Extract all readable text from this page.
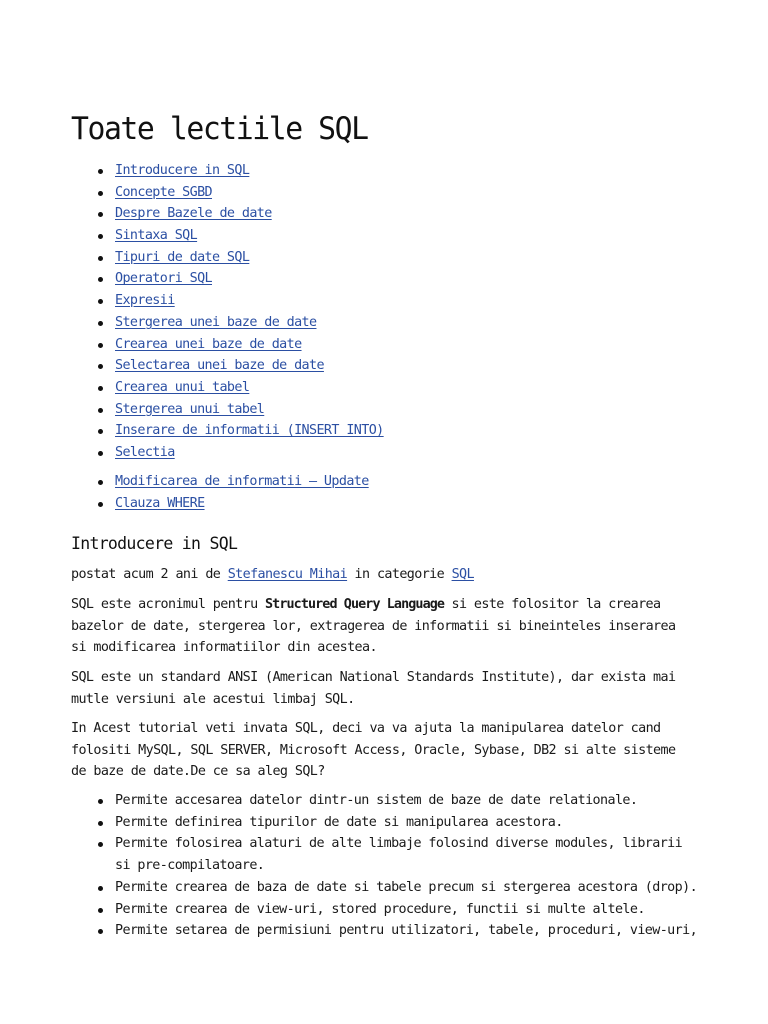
Toate lectiile SQL
Introducere in SQL
Concepte SGBD
Despre Bazele de date
Sintaxa SQL
Tipuri de date SQL
Operatori SQL
Expresii
Stergerea unei baze de date
Crearea unei baze de date
Selectarea unei baze de date
Crearea unui tabel
Stergerea unui tabel
Inserare de informatii (INSERT INTO)
Selectia
Modificarea de informatii – Update
Clauza WHERE
Introducere in SQL
postat acum 2 ani de Stefanescu Mihai in categorie SQL

SQL este acronimul pentru Structured Query Language si este folositor la crearea
bazelor de date, stergerea lor, extragerea de informatii si bineinteles inserarea
si modificarea informatiilor din acestea.

SQL este un standard ANSI (American National Standards Institute), dar exista mai
mutle versiuni ale acestui limbaj SQL.

In Acest tutorial veti invata SQL, deci va va ajuta la manipularea datelor cand
folositi MySQL, SQL SERVER, Microsoft Access, Oracle, Sybase, DB2 si alte sisteme
de baze de date.De ce sa aleg SQL?

Permite accesarea datelor dintr-un sistem de baze de date relationale.
Permite definirea tipurilor de date si manipularea acestora.
Permite folosirea alaturi de alte limbaje folosind diverse modules, librarii
si pre-compilatoare.
Permite crearea de baza de date si tabele precum si stergerea acestora (drop).
Permite crearea de view-uri, stored procedure, functii si multe altele.
Permite setarea de permisiuni pentru utilizatori, tabele, proceduri, view-uri,
